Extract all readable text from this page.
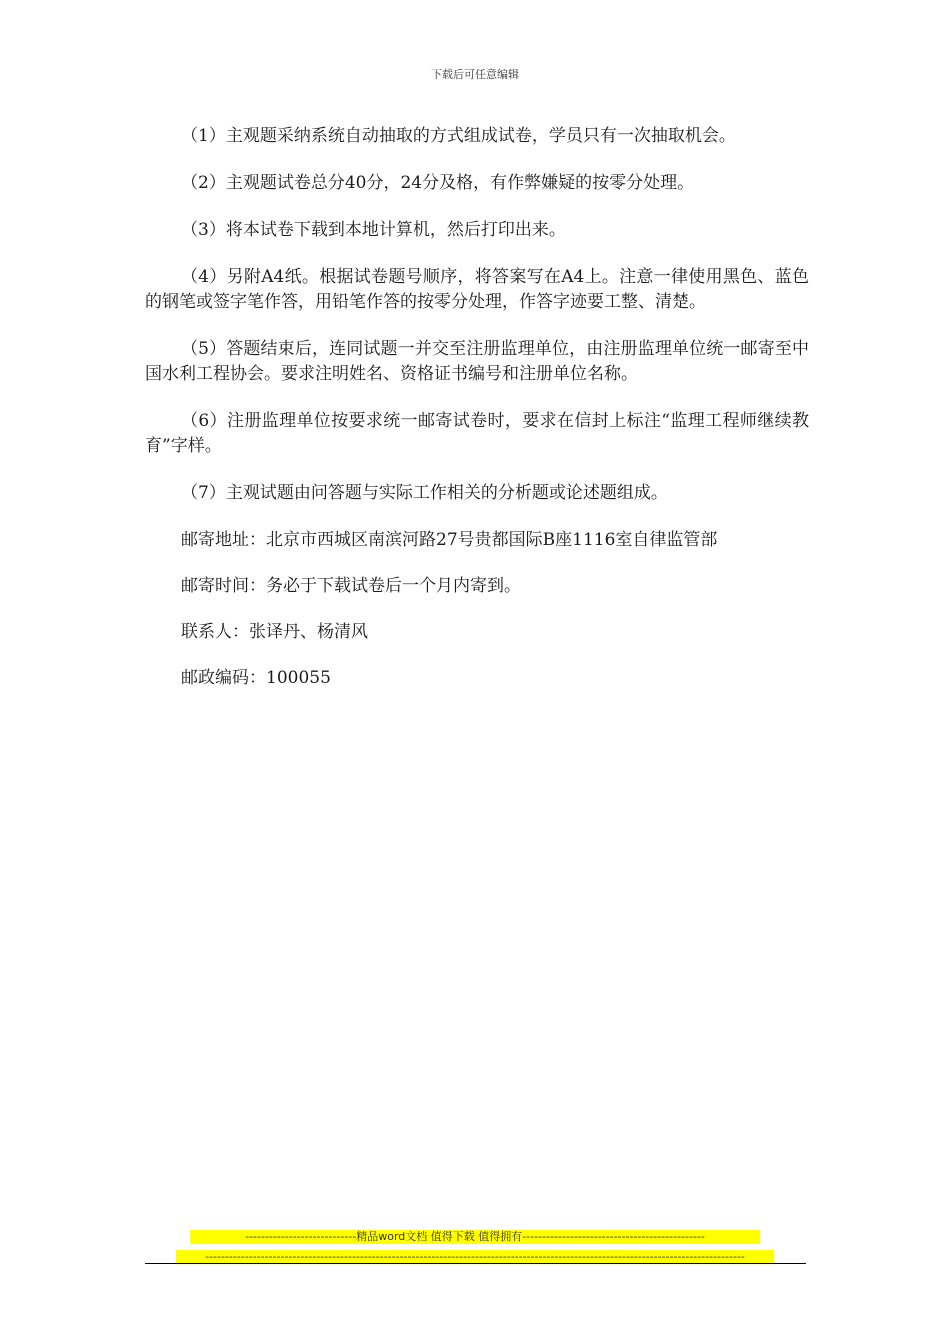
下载后可任意编辑

（1）主观题采纳系统自动抽取的方式组成试卷，学员只有一次抽取机会。

（2）主观题试卷总分40分，24分及格，有作弊嫌疑的按零分处理。

（3）将本试卷下载到本地计算机，然后打印出来。

（4）另附A4纸。根据试卷题号顺序，将答案写在A4上。注意一律使用黑色、蓝色的钢笔或签字笔作答，用铅笔作答的按零分处理，作答字迹要工整、清楚。

（5）答题结束后，连同试题一并交至注册监理单位，由注册监理单位统一邮寄至中国水利工程协会。要求注明姓名、资格证书编号和注册单位名称。

（6）注册监理单位按要求统一邮寄试卷时，要求在信封上标注“监理工程师继续教育”字样。

（7）主观试题由问答题与实际工作相关的分析题或论述题组成。

邮寄地址：北京市西城区南滨河路27号贵都国际B座1116室自律监管部

邮寄时间：务必于下载试卷后一个月内寄到。

联系人：张译丹、杨清风

邮政编码：100055

----------------------------精品word文档 值得下载 值得拥有----------------------------------------------
----------------------------------------------------------------------------------------------------------------------------------------
